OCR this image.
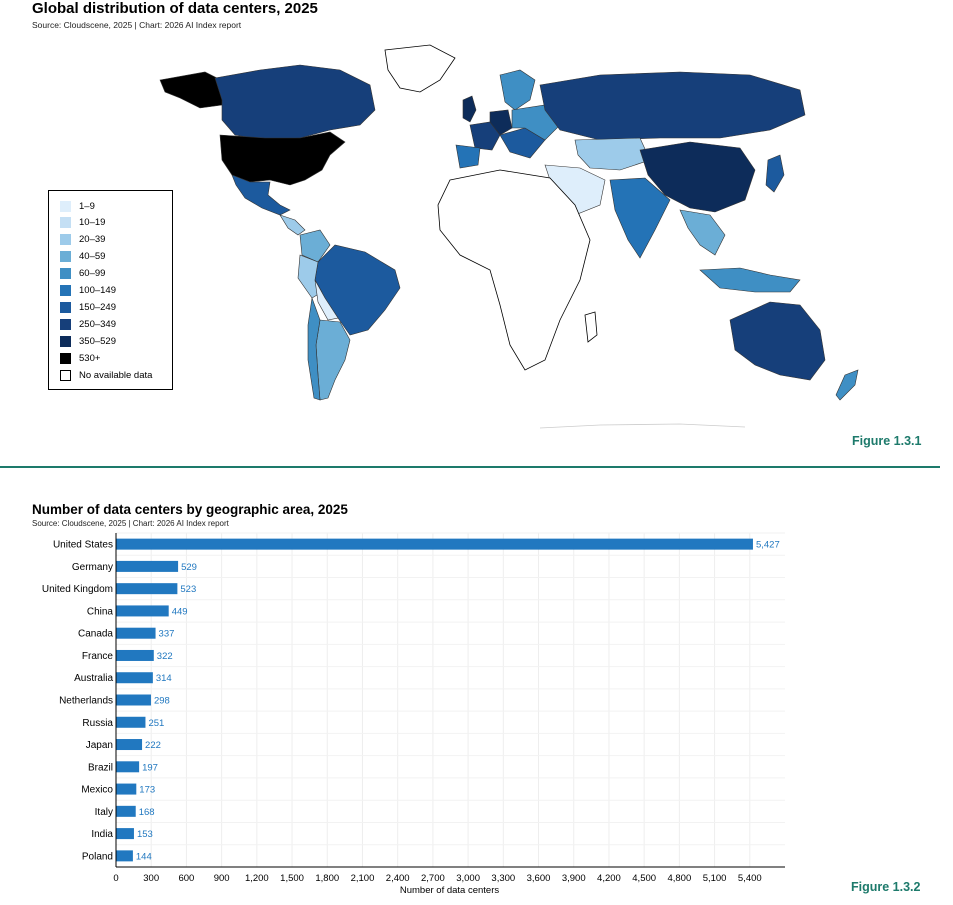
Global distribution of data centers, 2025
Source: Cloudscene, 2025 | Chart: 2026 AI Index report
1–9
10–19
20–39
40–59
60–99
100–149
150–249
250–349
350–529
530+
No available data
Figure 1.3.1
Number of data centers by geographic area, 2025
Source: Cloudscene, 2025 | Chart: 2026 AI Index report
United States	5,427
Germany	529
United Kingdom	523
China	449
Canada	337
France	322
Australia	314
Netherlands	298
Russia	251
Japan	222
Brazil	197
Mexico	173
Italy	168
India	153
Poland 144
0	300 600 900 1,200 1,500 1,800 2,100 2,400 2,700 3,000 3,300 3,600 3,900 4,200 4,500 4,800 5,100 5,400
Number of data centers	Figure 1.3.2
